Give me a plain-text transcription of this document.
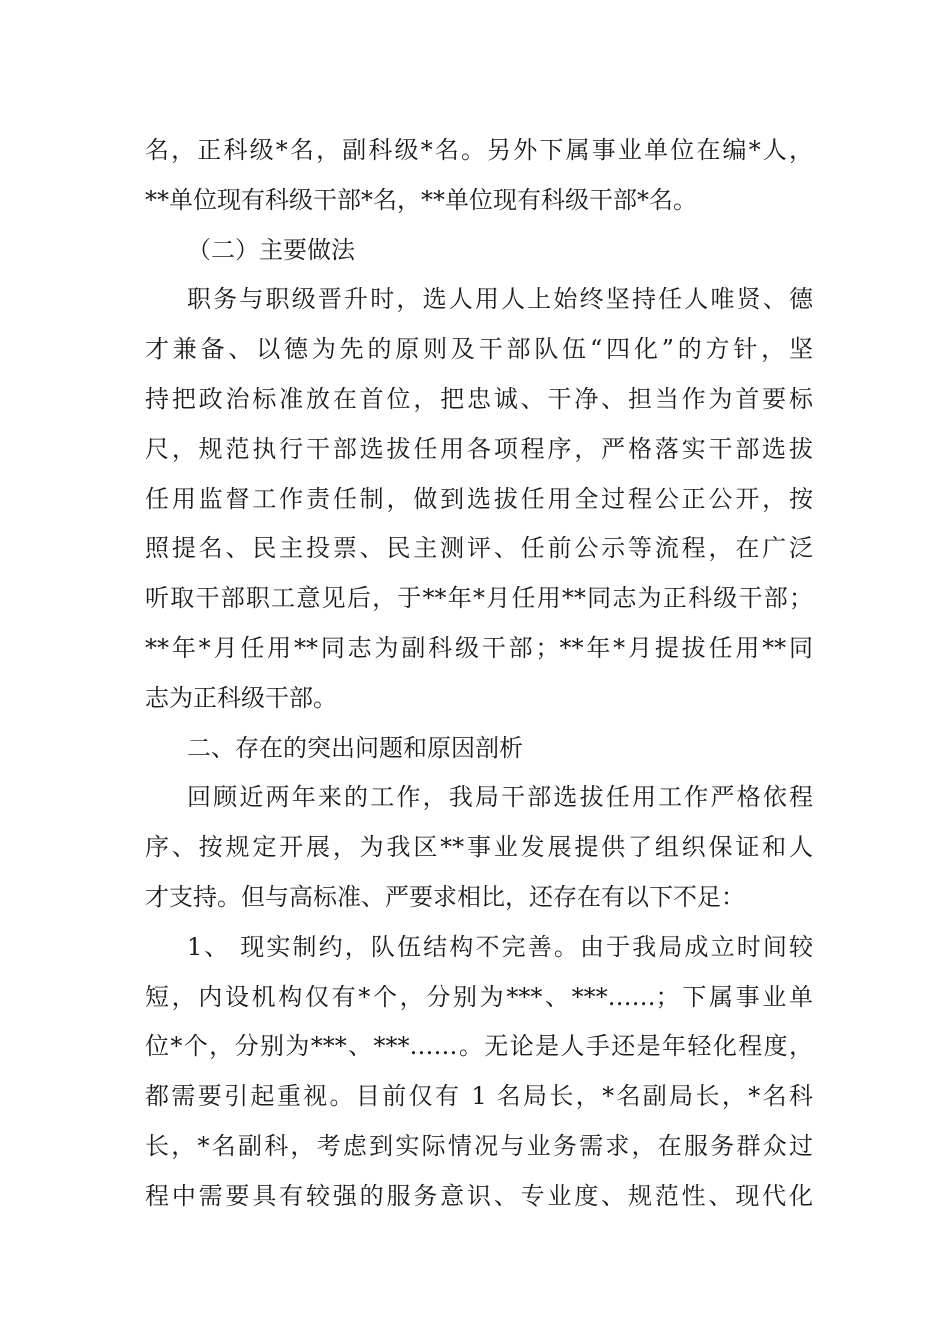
名，正科级*名，副科级*名。另外下属事业单位在编*人，
**单位现有科级干部*名，**单位现有科级干部*名。
（二）主要做法
职务与职级晋升时，选人用人上始终坚持任人唯贤、德
才兼备、以德为先的原则及干部队伍“四化”的方针，坚
持把政治标准放在首位，把忠诚、干净、担当作为首要标
尺，规范执行干部选拔任用各项程序，严格落实干部选拔
任用监督工作责任制，做到选拔任用全过程公正公开，按
照提名、民主投票、民主测评、任前公示等流程，在广泛
听取干部职工意见后，于**年*月任用**同志为正科级干部；
**年*月任用**同志为副科级干部；**年*月提拔任用**同
志为正科级干部。
二、存在的突出问题和原因剖析
回顾近两年来的工作，我局干部选拔任用工作严格依程
序、按规定开展，为我区**事业发展提供了组织保证和人
才支持。但与高标准、严要求相比，还存在有以下不足：
1、 现实制约，队伍结构不完善。由于我局成立时间较
短，内设机构仅有*个，分别为***、***……；下属事业单
位*个，分别为***、***……。无论是人手还是年轻化程度，
都需要引起重视。目前仅有 1 名局长，*名副局长，*名科
长，*名副科，考虑到实际情况与业务需求，在服务群众过
程中需要具有较强的服务意识、专业度、规范性、现代化
